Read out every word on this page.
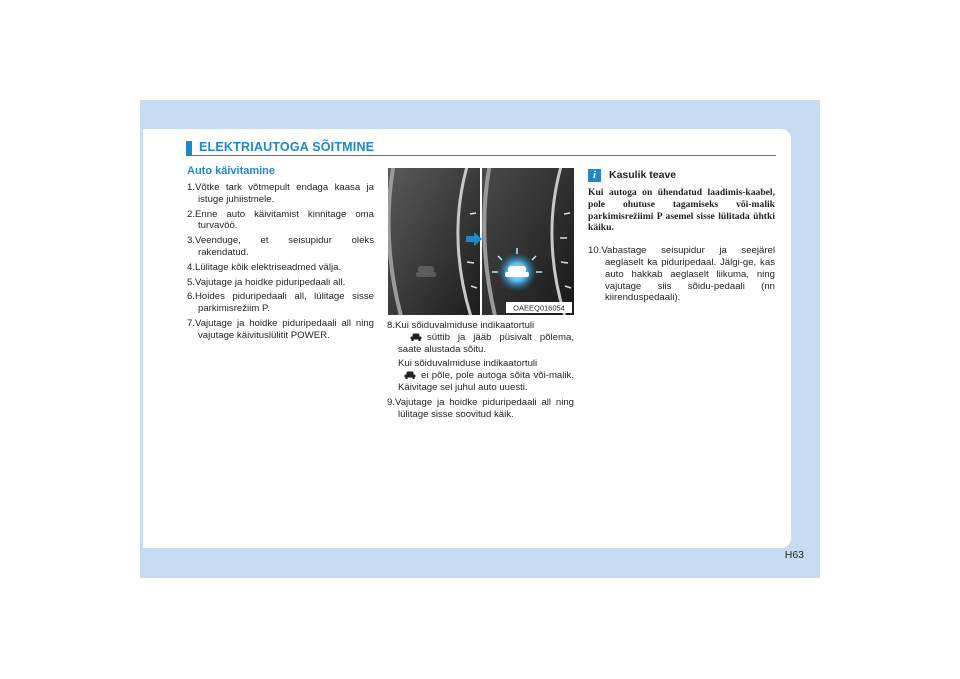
ELEKTRIAUTOGA SÕITMINE
Auto käivitamine
1.Võtke tark võtmepult endaga kaasa ja istuge juhiistmele.
2.Enne auto käivitamist kinnitage oma turvavöö.
3.Veenduge, et seisupidur oleks rakendatud.
4.Lülitage kõik elektriseadmed välja.
5.Vajutage ja hoidke piduripedaali all.
6.Hoides piduripedaali all, lülitage sisse parkimisrežiim P.
7.Vajutage ja hoidke piduripedaali all ning vajutage käivituslülitit POWER.
OAEEQ016054

8.Kui sõiduvalmiduse indikaatortuli
süttib ja jääb püsivalt põlema, saate alustada sõitu.

Kui sõiduvalmiduse indikaatortuli
ei põle, pole autoga sõita või-malik. Käivitage sel juhul auto uuesti.

9.Vajutage ja hoidke piduripedaali all ning lülitage sisse soovitud käik.

i	Kasulik teave

Kui autoga on ühendatud laadimis-kaabel, pole ohutuse tagamiseks või-malik parkimisrežiimi P asemel sisse lülitada ühtki käiku.

10.Vabastage seisupidur ja seejärel aeglaselt ka piduripedaal. Jälgi-ge, kas auto hakkab aeglaselt liikuma, ning vajutage siis sõidu-pedaali (nn kiirenduspedaali).

H63
